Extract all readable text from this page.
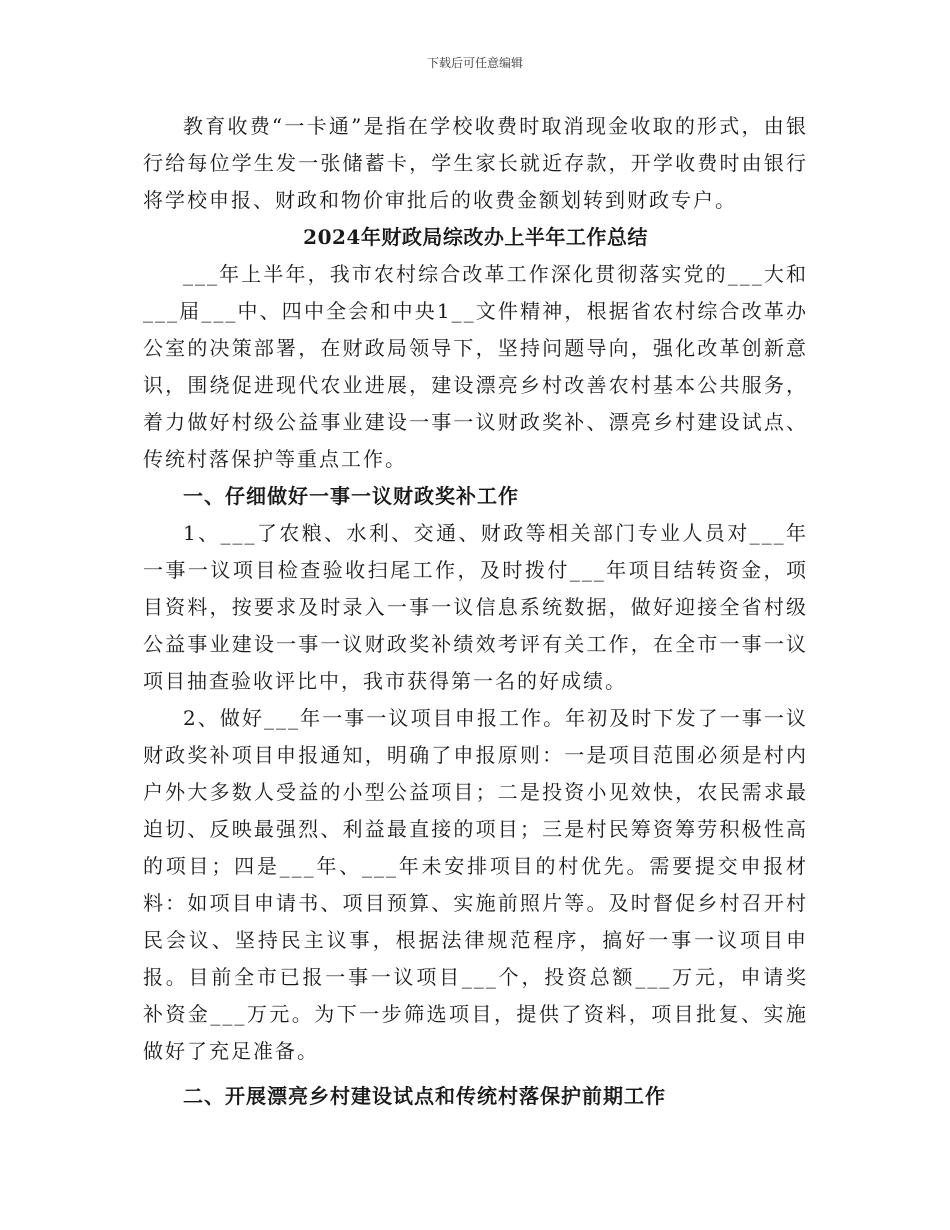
下载后可任意编辑

教育收费“一卡通”是指在学校收费时取消现金收取的形式，由银行给每位学生发一张储蓄卡，学生家长就近存款，开学收费时由银行将学校申报、财政和物价审批后的收费金额划转到财政专户。

2024年财政局综改办上半年工作总结

___年上半年，我市农村综合改革工作深化贯彻落实党的___大和___届___中、四中全会和中央1__文件精神，根据省农村综合改革办公室的决策部署，在财政局领导下，坚持问题导向，强化改革创新意识，围绕促进现代农业进展，建设漂亮乡村改善农村基本公共服务，着力做好村级公益事业建设一事一议财政奖补、漂亮乡村建设试点、传统村落保护等重点工作。

一、仔细做好一事一议财政奖补工作

1、___了农粮、水利、交通、财政等相关部门专业人员对___年一事一议项目检查验收扫尾工作，及时拨付___年项目结转资金，项目资料，按要求及时录入一事一议信息系统数据，做好迎接全省村级公益事业建设一事一议财政奖补绩效考评有关工作，在全市一事一议项目抽查验收评比中，我市获得第一名的好成绩。

2、做好___年一事一议项目申报工作。年初及时下发了一事一议财政奖补项目申报通知，明确了申报原则：一是项目范围必须是村内户外大多数人受益的小型公益项目；二是投资小见效快，农民需求最迫切、反映最强烈、利益最直接的项目；三是村民筹资筹劳积极性高的项目；四是___年、___年未安排项目的村优先。需要提交申报材料：如项目申请书、项目预算、实施前照片等。及时督促乡村召开村民会议、坚持民主议事，根据法律规范程序，搞好一事一议项目申报。目前全市已报一事一议项目___个，投资总额___万元，申请奖补资金___万元。为下一步筛选项目，提供了资料，项目批复、实施做好了充足准备。

二、开展漂亮乡村建设试点和传统村落保护前期工作
